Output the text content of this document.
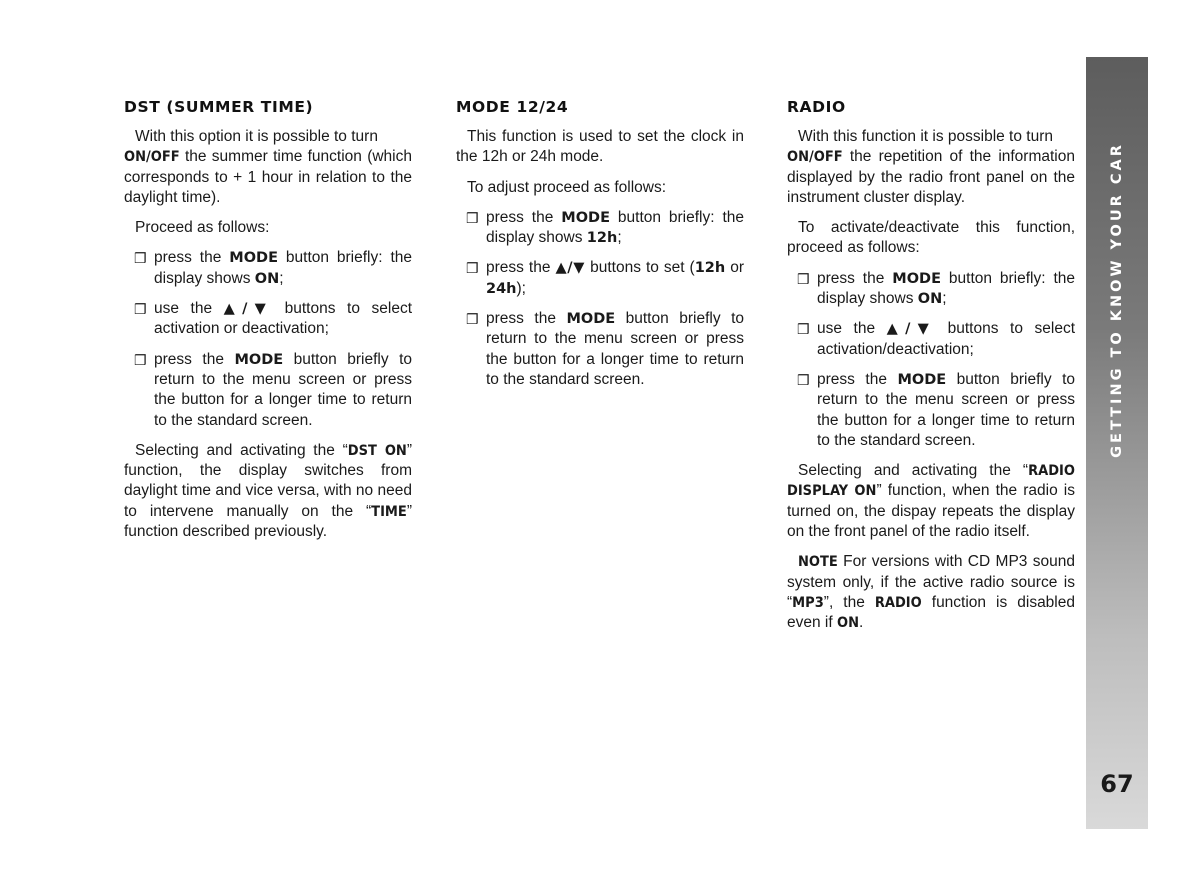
DST (SUMMER TIME)

With this option it is possible to turn
ON/OFF the summer time function (which corresponds to + 1 hour in relation to the daylight time).

Proceed as follows:

❒ press the MODE button briefly: the display shows ON;
❒ use the ▲/▼ buttons to select activation or deactivation;
❒ press the MODE button briefly to return to the menu screen or press the button for a longer time to return to the standard screen.

Selecting and activating the “DST ON” function, the display switches from daylight time and vice versa, with no need to intervene manually on the “TIME” function described previously.

MODE 12/24

This function is used to set the clock in the 12h or 24h mode.

To adjust proceed as follows:

❒ press the MODE button briefly: the display shows 12h;
❒ press the ▲/▼ buttons to set (12h or 24h);
❒ press the MODE button briefly to return to the menu screen or press the button for a longer time to return to the standard screen.
RADIO

With this function it is possible to turn
ON/OFF the repetition of the information displayed by the radio front panel on the instrument cluster display.

To activate/deactivate this function, proceed as follows:

❒ press the MODE button briefly: the display shows ON;
❒ use the ▲/▼ buttons to select activation/deactivation;
❒ press the MODE button briefly to return to the menu screen or press the button for a longer time to return to the standard screen.

Selecting and activating the “RADIO DISPLAY ON” function, when the radio is turned on, the dispay repeats the display on the front panel of the radio itself.

NOTE For versions with CD MP3 sound system only, if the active radio source is “MP3”, the RADIO function is disabled even if ON.

GETTING TO KNOW YOUR CAR
67
